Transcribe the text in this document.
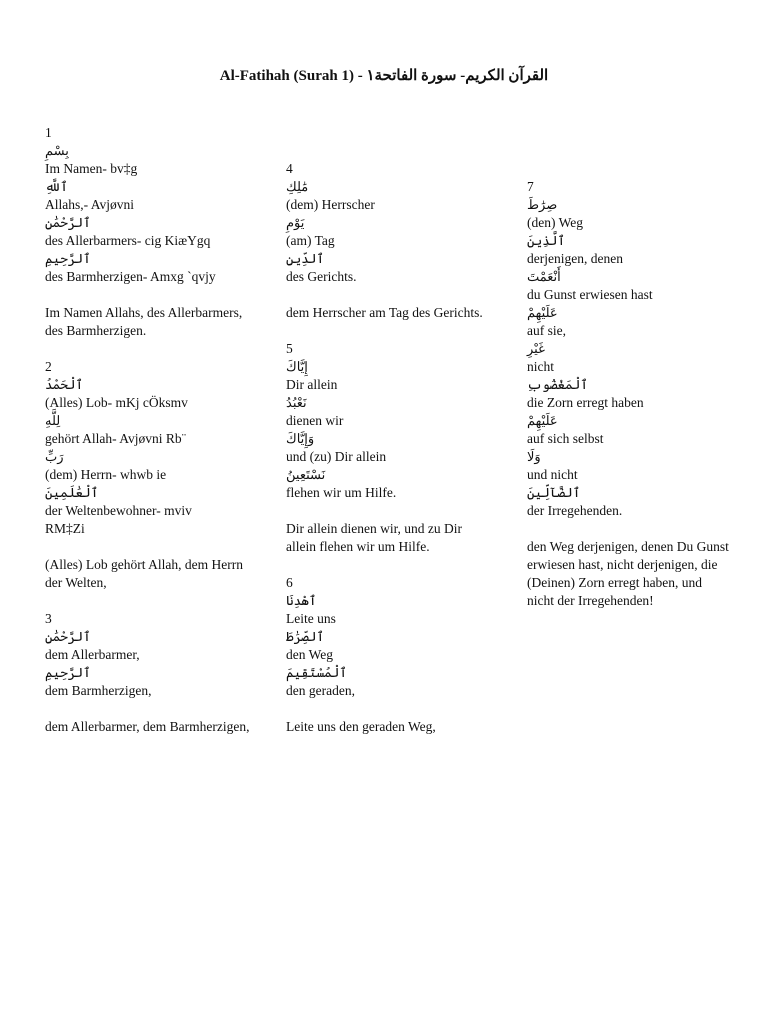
Al-Fatihah (Surah 1) - القرآن الكريم- سورة الفاتحة١
1
بِسْمِ
Im Namen- bv‡g
ٱللَّهِ
Allahs,- Avjøvni
ٱلرَّحْمَٰنِ
des Allerbarmers- cig KiæYgq
ٱلرَّحِيمِ
des Barmherzigen- Amxg `qvjy
Im Namen Allahs, des Allerbarmers, des Barmherzigen.
2
ٱلْحَمْدُ
(Alles) Lob- mKj cÖksmv
لِلَّهِ
gehört Allah- Avjøvni Rb¨
رَبِّ
(dem) Herrn- whwb ie
ٱلْعَٰلَمِينَ
der Weltenbewohner- mviv
RM‡Zi
(Alles) Lob gehört Allah, dem Herrn der Welten,
3
ٱلرَّحْمَٰنِ
dem Allerbarmer,
ٱلرَّحِيمِ
dem Barmherzigen,
dem Allerbarmer, dem Barmherzigen,
4
مَٰلِكِ
(dem) Herrscher
يَوْمِ
(am) Tag
ٱلدِّينِ
des Gerichts.
dem Herrscher am Tag des Gerichts.
5
إِيَّاكَ
Dir allein
نَعْبُدُ
dienen wir
وَإِيَّاكَ
und (zu) Dir allein
نَسْتَعِينُ
flehen wir um Hilfe.
Dir allein dienen wir, und zu Dir allein flehen wir um Hilfe.
6
ٱهْدِنَا
Leite uns
ٱلصِّرَٰطَ
den Weg
ٱلْمُسْتَقِيمَ
den geraden,
Leite uns den geraden Weg,
7
صِرَٰطَ
(den) Weg
ٱلَّذِينَ
derjenigen, denen
أَنْعَمْتَ
du Gunst erwiesen hast
عَلَيْهِمْ
auf sie,
غَيْرِ
nicht
ٱلْمَغْضُوبِ
die Zorn erregt haben
عَلَيْهِمْ
auf sich selbst
وَلَا
und nicht
ٱلضَّآلِّينَ
der Irregehenden.
den Weg derjenigen, denen Du Gunst erwiesen hast, nicht derjenigen, die (Deinen) Zorn erregt haben, und nicht der Irregehenden!
